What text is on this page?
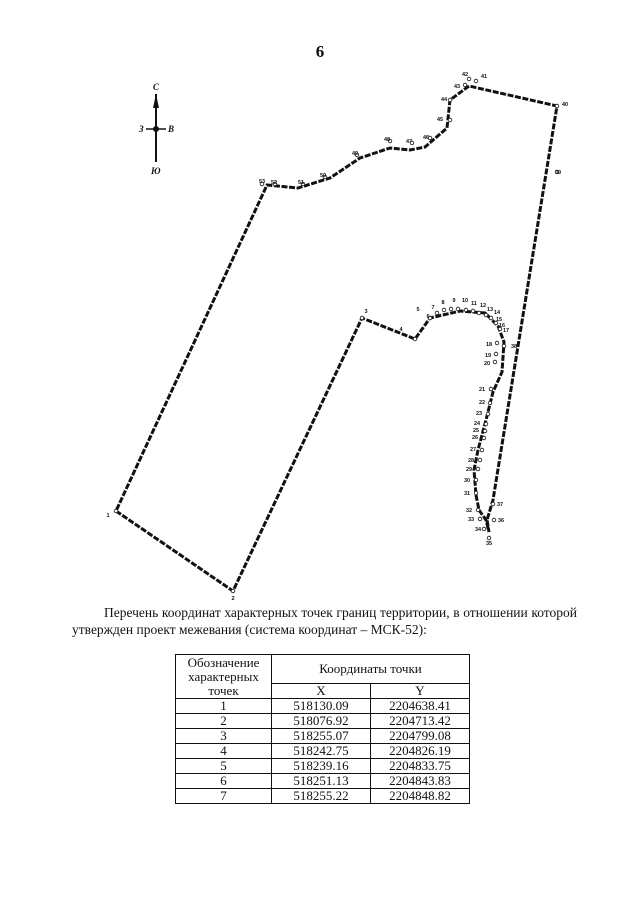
6
С
З	В
Ю
1
2
3
4
5
6
7
8 9 10 11 12
13 14
15
16
17
18
19
20
21
22
23
24
25
26
27
28
29
30
31
32
33
34
35
36
37
38
39
40
41
42
43
44
45
46
47
48
49
50
51
52
53
Перечень координат характерных точек границ территории, в отношении которой утвержден проект межевания (система координат – МСК-52):
Обозначение характерных точек	Координаты точки	
	X	Y
1	518130.09	2204638.41
2	518076.92	2204713.42
3	518255.07	2204799.08
4	518242.75	2204826.19
5	518239.16	2204833.75
6	518251.13	2204843.83
7	518255.22	2204848.82
